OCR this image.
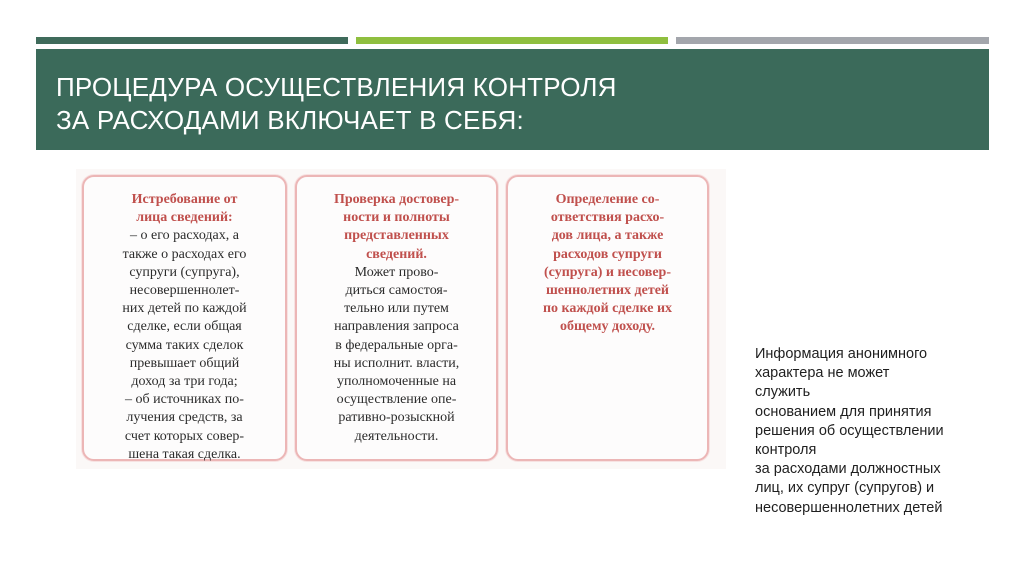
ПРОЦЕДУРА ОСУЩЕСТВЛЕНИЯ КОНТРОЛЯ
ЗА РАСХОДАМИ ВКЛЮЧАЕТ В СЕБЯ:
Истребование от
лица сведений:
– о его расходах, а
также о расходах его
супруги (супруга),
несовершеннолет-
них детей по каждой
сделке, если общая
сумма таких сделок
превышает общий
доход за три года;
– об источниках по-
лучения средств, за
счет которых совер-
шена такая сделка.
Проверка достовер-
ности и полноты
представленных
сведений.
Может прово-
диться самостоя-
тельно или путем
направления запроса
в федеральные орга-
ны исполнит. власти,
уполномоченные на
осуществление опе-
ративно-розыскной
деятельности.
Определение со-
ответствия расхо-
дов лица, а также
расходов супруги
(супруга) и несовер-
шеннолетних детей
по каждой сделке их
общему доходу.
Информация анонимного
характера не может
служить
основанием для принятия
решения об осуществлении
контроля
за расходами должностных
лиц, их супруг (супругов) и
несовершеннолетних детей
